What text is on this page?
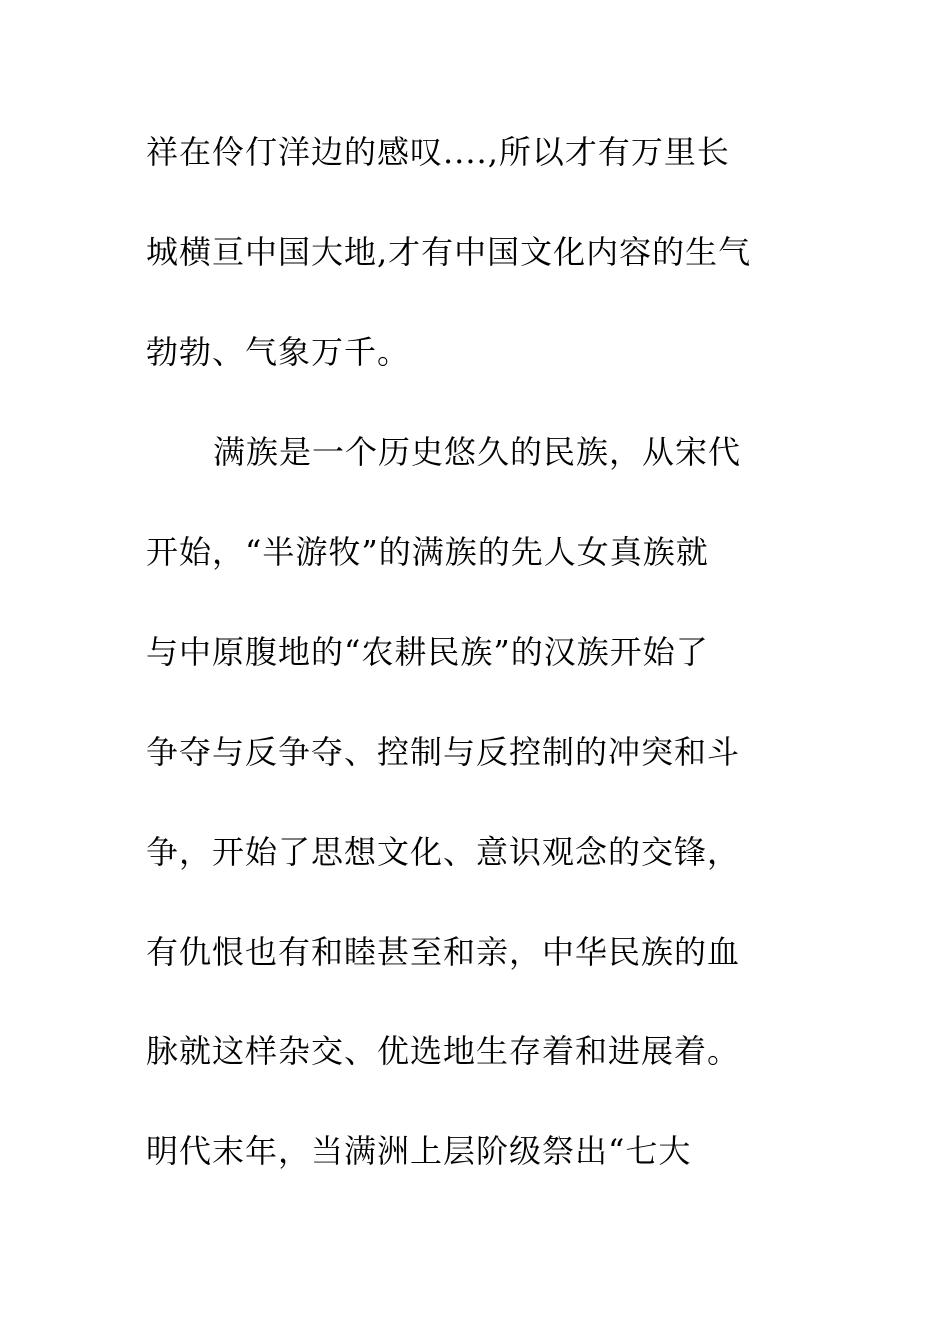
祥在伶仃洋边的感叹....,所以才有万里长
城横亘中国大地,才有中国文化内容的生气
勃勃、气象万千。
满族是一个历史悠久的民族，从宋代
开始，“半游牧”的满族的先人女真族就
与中原腹地的“农耕民族”的汉族开始了
争夺与反争夺、控制与反控制的冲突和斗
争，开始了思想文化、意识观念的交锋，
有仇恨也有和睦甚至和亲，中华民族的血
脉就这样杂交、优选地生存着和进展着。
明代末年，当满洲上层阶级祭出“七大
